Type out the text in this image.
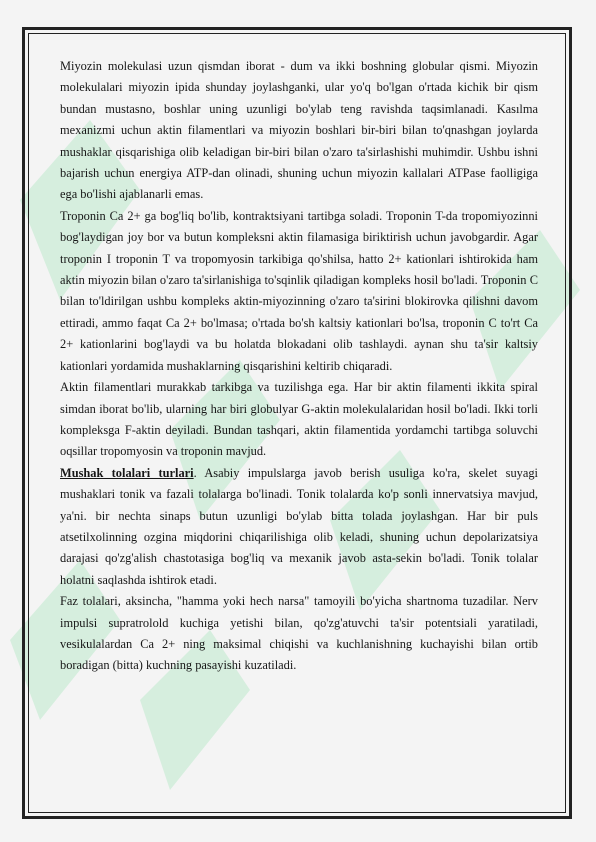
Miyozin molekulasi uzun qismdan iborat - dum va ikki boshning globular qismi. Miyozin molekulalari miyozin ipida shunday joylashganki, ular yo'q bo'lgan o'rtada kichik bir qism bundan mustasno, boshlar uning uzunligi bo'ylab teng ravishda taqsimlanadi. Kasılma mexanizmi uchun aktin filamentlari va miyozin boshlari bir-biri bilan to'qnashgan joylarda mushaklar qisqarishiga olib keladigan bir-biri bilan o'zaro ta'sirlashishi muhimdir. Ushbu ishni bajarish uchun energiya ATP-dan olinadi, shuning uchun miyozin kallalari ATPase faolligiga ega bo'lishi ajablanarli emas.

Troponin Ca 2+ ga bog'liq bo'lib, kontraktsiyani tartibga soladi. Troponin T-da tropomiyozinni bog'laydigan joy bor va butun kompleksni aktin filamasiga biriktirish uchun javobgardir. Agar troponin I troponin T va tropomyosin tarkibiga qo'shilsa, hatto 2+ kationlari ishtirokida ham aktin miyozin bilan o'zaro ta'sirlanishiga to'sqinlik qiladigan kompleks hosil bo'ladi. Troponin C bilan to'ldirilgan ushbu kompleks aktin-miyozinning o'zaro ta'sirini blokirovka qilishni davom ettiradi, ammo faqat Ca 2+ bo'lmasa; o'rtada bo'sh kaltsiy kationlari bo'lsa, troponin C to'rt Ca 2+ kationlarini bog'laydi va bu holatda blokadani olib tashlaydi. aynan shu ta'sir kaltsiy kationlari yordamida mushaklarning qisqarishini keltirib chiqaradi.

Aktin filamentlari murakkab tarkibga va tuzilishga ega. Har bir aktin filamenti ikkita spiral simdan iborat bo'lib, ularning har biri globulyar G-aktin molekulalaridan hosil bo'ladi. Ikki torli kompleksga F-aktin deyiladi. Bundan tashqari, aktin filamentida yordamchi tartibga soluvchi oqsillar tropomyosin va troponin mavjud.

Mushak tolalari turlari. Asabiy impulslarga javob berish usuliga ko'ra, skelet suyagi mushaklari tonik va fazali tolalarga bo'linadi. Tonik tolalarda ko'p sonli innervatsiya mavjud, ya'ni. bir nechta sinaps butun uzunligi bo'ylab bitta tolada joylashgan. Har bir puls atsetilxolinning ozgina miqdorini chiqarilishiga olib keladi, shuning uchun depolarizatsiya darajasi qo'zg'alish chastotasiga bog'liq va mexanik javob asta-sekin bo'ladi. Tonik tolalar holatni saqlashda ishtirok etadi.

Faz tolalari, aksincha, "hamma yoki hech narsa" tamoyili bo'yicha shartnoma tuzadilar. Nerv impulsi supratrolold kuchiga yetishi bilan, qo'zg'atuvchi ta'sir potentsiali yaratiladi, vesikulalardan Ca 2+ ning maksimal chiqishi va kuchlanishning kuchayishi bilan ortib boradigan (bitta) kuchning pasayishi kuzatiladi.
